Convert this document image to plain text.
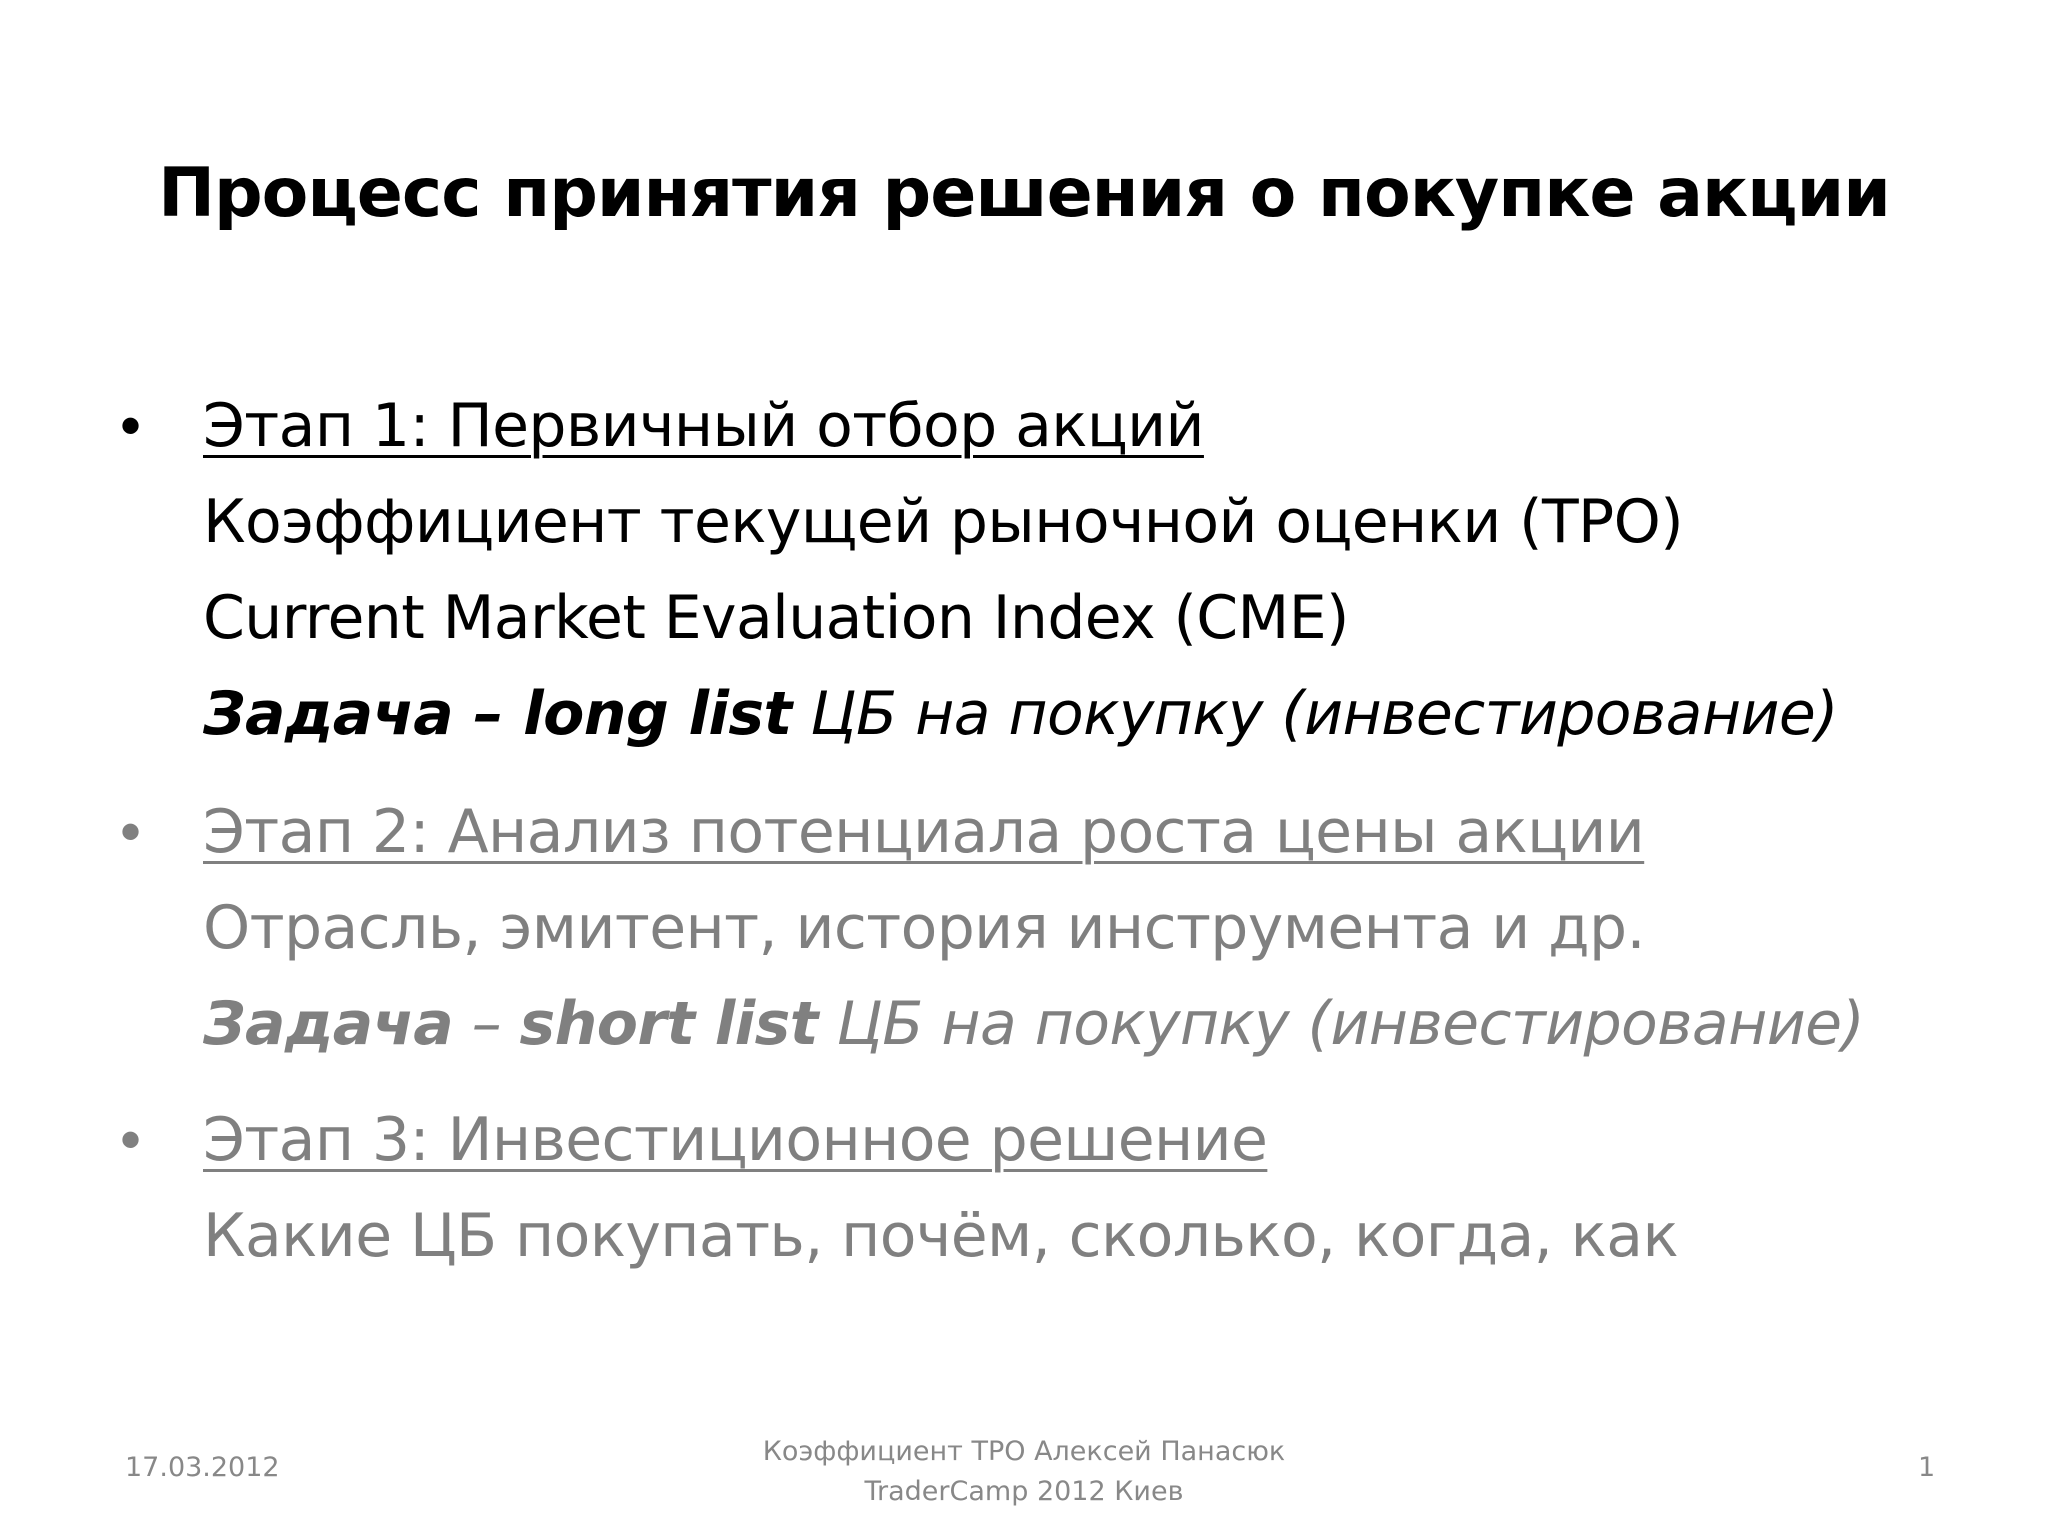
Процесс принятия решения о покупке акции
• Этап 1: Первичный отбор акций
Коэффициент текущей рыночной оценки (ТРО)
Current Market Evaluation Index (CME)
Задача – long list ЦБ на покупку (инвестирование)
• Этап 2: Анализ потенциала роста цены акции
Отрасль, эмитент, история инструмента и др.
Задача – short list ЦБ на покупку (инвестирование)
• Этап 3: Инвестиционное решение
Какие ЦБ покупать, почём, сколько, когда, как
17.03.2012
Коэффициент ТРО Алексей Панасюк
TraderCamp 2012 Киев
1
